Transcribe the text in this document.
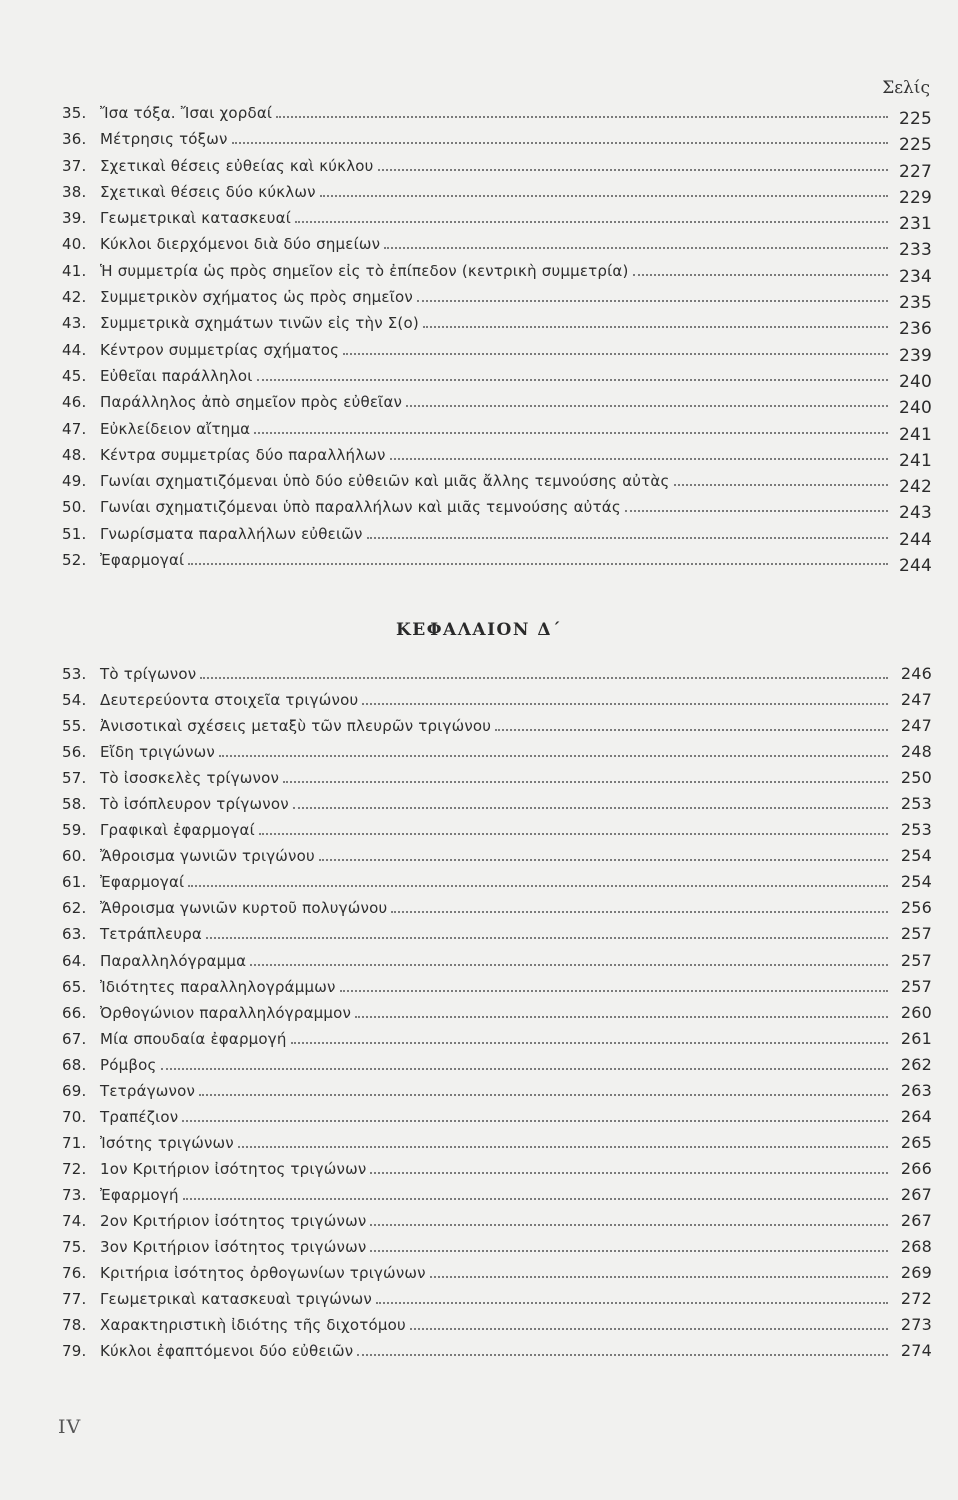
Σελίς
35. Ἴσα τόξα. Ἴσαι χορδαί	225
36. Μέτρησις τόξων	225
37. Σχετικαὶ θέσεις εὐθείας καὶ κύκλου	227
38. Σχετικαὶ θέσεις δύο κύκλων	229
39. Γεωμετρικαὶ κατασκευαί	231
40. Κύκλοι διερχόμενοι διὰ δύο σημείων	233
41. Ἡ συμμετρία ὡς πρὸς σημεῖον εἰς τὸ ἐπίπεδον (κεντρικὴ συμμετρία)	234
42. Συμμετρικὸν σχήματος ὡς πρὸς σημεῖον	235
43. Συμμετρικὰ σχημάτων τινῶν εἰς τὴν Σ(ο)	236
44. Κέντρον συμμετρίας σχήματος	239
45. Εὐθεῖαι παράλληλοι	240
46. Παράλληλος ἀπὸ σημεῖον πρὸς εὐθεῖαν	240
47. Εὐκλείδειον αἴτημα	241
48. Κέντρα συμμετρίας δύο παραλλήλων	241
49. Γωνίαι σχηματιζόμεναι ὑπὸ δύο εὐθειῶν καὶ μιᾶς ἄλλης τεμνούσης αὐτὰς	242
50. Γωνίαι σχηματιζόμεναι ὑπὸ παραλλήλων καὶ μιᾶς τεμνούσης αὐτάς	243
51. Γνωρίσματα παραλλήλων εὐθειῶν	244
52. Ἐφαρμογαί	244
ΚΕΦΑΛΑΙΟΝ Δ΄
53. Τὸ τρίγωνον	246
54. Δευτερεύοντα στοιχεῖα τριγώνου	247
55. Ἀνισοτικαὶ σχέσεις μεταξὺ τῶν πλευρῶν τριγώνου	247
56. Εἴδη τριγώνων	248
57. Τὸ ἰσοσκελὲς τρίγωνον	250
58. Τὸ ἰσόπλευρον τρίγωνον	253
59. Γραφικαὶ ἐφαρμογαί	253
60. Ἄθροισμα γωνιῶν τριγώνου	254
61. Ἐφαρμογαί	254
62. Ἄθροισμα γωνιῶν κυρτοῦ πολυγώνου	256
63. Τετράπλευρα	257
64. Παραλληλόγραμμα	257
65. Ἰδιότητες παραλληλογράμμων	257
66. Ὀρθογώνιον παραλληλόγραμμον	260
67. Μία σπουδαία ἐφαρμογή	261
68. Ρόμβος	262
69. Τετράγωνον	263
70. Τραπέζιον	264
71. Ἰσότης τριγώνων	265
72. 1ον Κριτήριον ἰσότητος τριγώνων	266
73. Ἐφαρμογή	267
74. 2ον Κριτήριον ἰσότητος τριγώνων	267
75. 3ον Κριτήριον ἰσότητος τριγώνων	268
76. Κριτήρια ἰσότητος ὀρθογωνίων τριγώνων	269
77. Γεωμετρικαὶ κατασκευαὶ τριγώνων	272
78. Χαρακτηριστικὴ ἰδιότης τῆς διχοτόμου	273
79. Κύκλοι ἐφαπτόμενοι δύο εὐθειῶν	274
IV
